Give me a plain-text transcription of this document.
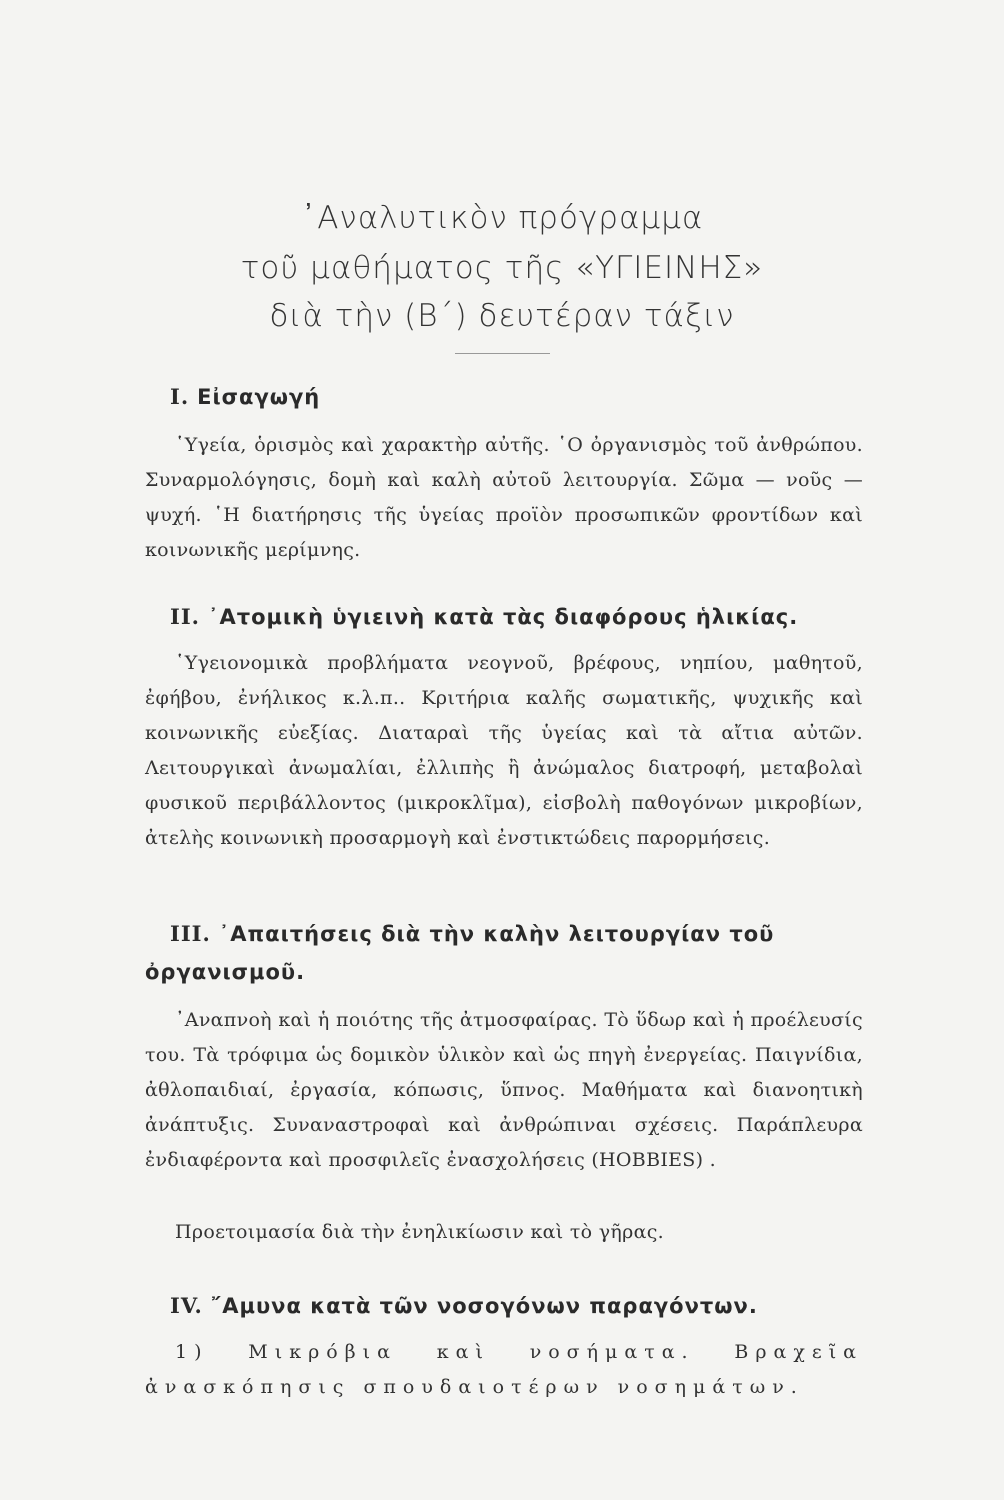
᾿Αναλυτικὸν πρόγραμμα
τοῦ μαθήματος τῆς «ΥΓΙΕΙΝΗΣ»
διὰ τὴν (Β΄) δευτέραν τάξιν
I. Εἰσαγωγή
῾Υγεία, ὁρισμὸς καὶ χαρακτὴρ αὐτῆς. ῾Ο ὀργανισμὸς τοῦ ἀνθρώπου. Συναρμολόγησις, δομὴ καὶ καλὴ αὐτοῦ λειτουργία. Σῶμα — νοῦς — ψυχή. ῾Η διατήρησις τῆς ὑγείας προϊὸν προσωπικῶν φροντίδων καὶ κοινωνικῆς μερίμνης.
II. ᾿Ατομικὴ ὑγιεινὴ κατὰ τὰς διαφόρους ἡλικίας.
῾Υγειονομικὰ προβλήματα νεογνοῦ, βρέφους, νηπίου, μαθητοῦ, ἐφήβου, ἐνήλικος κ.λ.π.. Κριτήρια καλῆς σωματικῆς, ψυχικῆς καὶ κοινωνικῆς εὐεξίας. Διαταραὶ τῆς ὑγείας καὶ τὰ αἴτια αὐτῶν. Λειτουργικαὶ ἀνωμαλίαι, ἐλλιπὴς ἢ ἀνώμαλος διατροφή, μεταβολαὶ φυσικοῦ περιβάλλοντος (μικροκλῖμα), εἰσβολὴ παθογόνων μικροβίων, ἀτελὴς κοινωνικὴ προσαρμογὴ καὶ ἐνστικτώδεις παρορμήσεις.
III. ᾿Απαιτήσεις διὰ τὴν καλὴν λειτουργίαν τοῦ ὀργανισμοῦ.
᾿Αναπνοὴ καὶ ἡ ποιότης τῆς ἀτμοσφαίρας. Τὸ ὕδωρ καὶ ἡ προέλευσίς του. Τὰ τρόφιμα ὡς δομικὸν ὑλικὸν καὶ ὡς πηγὴ ἐνεργείας. Παιγνίδια, ἀθλοπαιδιαί, ἐργασία, κόπωσις, ὕπνος. Μαθήματα καὶ διανοητικὴ ἀνάπτυξις. Συναναστροφαὶ καὶ ἀνθρώπιναι σχέσεις. Παράπλευρα ἐνδιαφέροντα καὶ προσφιλεῖς ἐνασχολήσεις (HOBBIES) .
Προετοιμασία διὰ τὴν ἐνηλικίωσιν καὶ τὸ γῆρας.
IV. ῎Αμυνα κατὰ τῶν νοσογόνων παραγόντων.
1) Μικρόβια καὶ νοσήματα. Βραχεῖα ἀνασκόπησις σπουδαιοτέρων νοσημάτων.
